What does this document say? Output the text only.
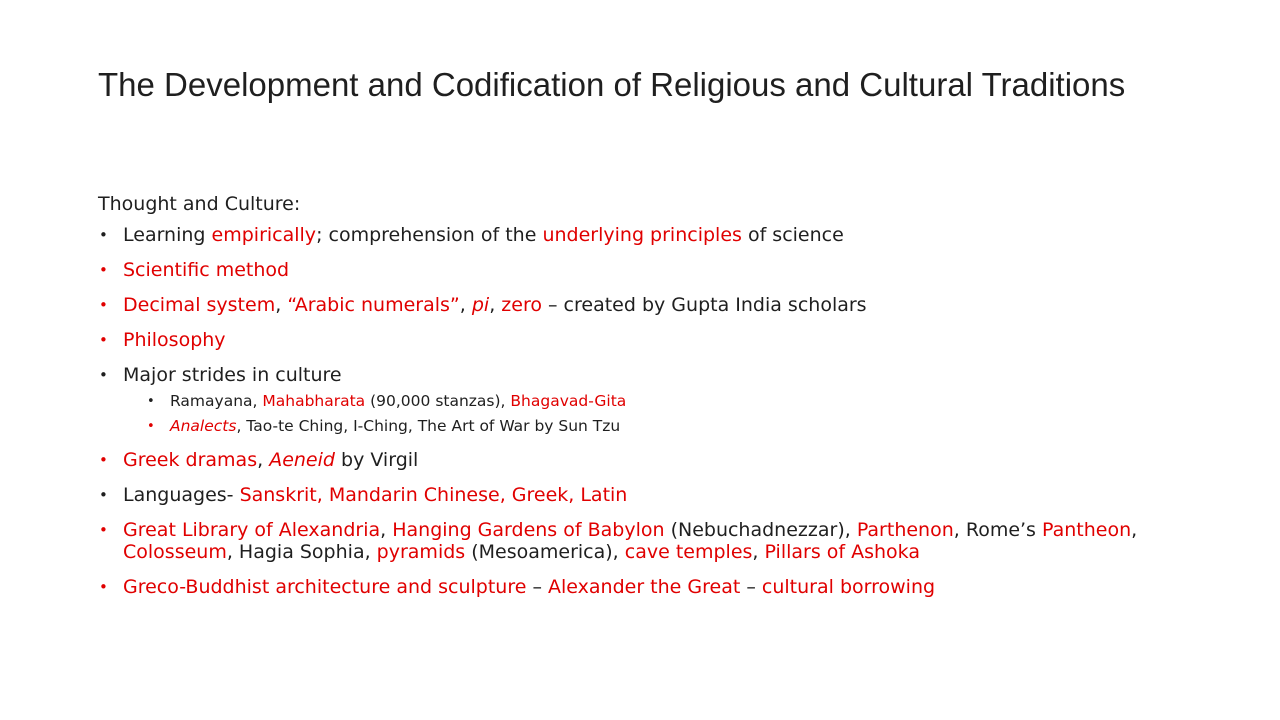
The Development and Codification of Religious and Cultural Traditions

Thought and Culture:

• Learning empirically; comprehension of the underlying principles of science
• Scientific method
• Decimal system, “Arabic numerals”, pi, zero – created by Gupta India scholars
• Philosophy
• Major strides in culture
• Ramayana, Mahabharata (90,000 stanzas), Bhagavad-Gita
• Analects, Tao-te Ching, I-Ching, The Art of War by Sun Tzu
• Greek dramas, Aeneid by Virgil
• Languages- Sanskrit, Mandarin Chinese, Greek, Latin
• Great Library of Alexandria, Hanging Gardens of Babylon (Nebuchadnezzar), Parthenon, Rome’s Pantheon, Colosseum, Hagia Sophia, pyramids (Mesoamerica), cave temples, Pillars of Ashoka
• Greco-Buddhist architecture and sculpture – Alexander the Great – cultural borrowing
